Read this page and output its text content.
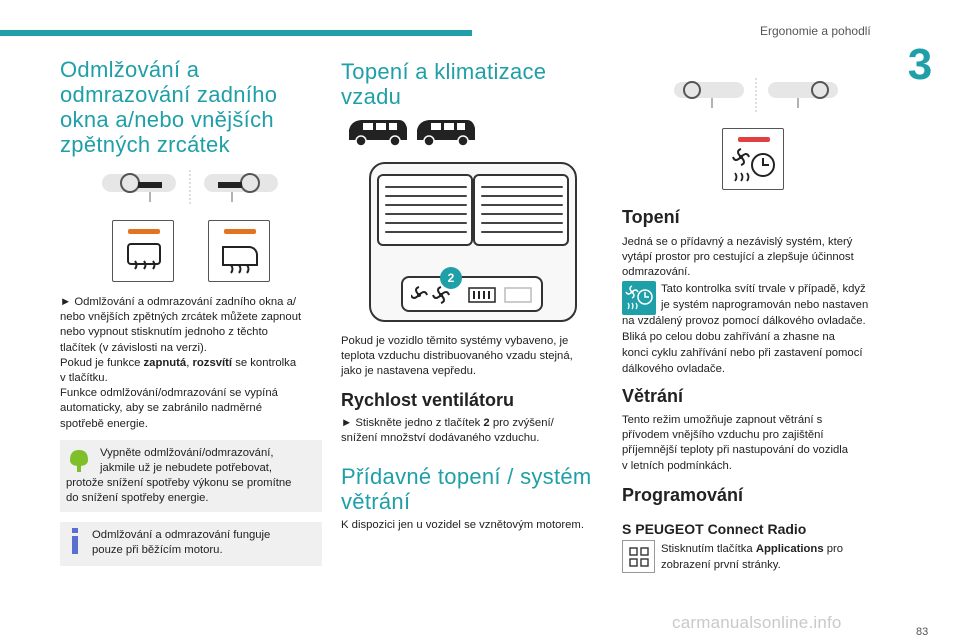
Ergonomie a pohodlí
3
Odmlžování a
odmrazování zadního
okna a/nebo vnějších
zpětných zrcátek
► Odmlžování a odmrazování zadního okna a/
nebo vnějších zpětných zrcátek můžete zapnout
nebo vypnout stisknutím jednoho z těchto
tlačítek (v závislosti na verzi).
Pokud je funkce zapnutá, rozsvítí se kontrolka
v tlačítku.
Funkce odmlžování/odmrazování se vypíná
automaticky, aby se zabránilo nadměrné
spotřebě energie.
Vypněte odmlžování/odmrazování,
jakmile už je nebudete potřebovat,
protože snížení spotřeby výkonu se promítne
do snížení spotřeby energie.
Odmlžování a odmrazování funguje
pouze při běžícím motoru.
Topení a klimatizace
vzadu
2
Pokud je vozidlo těmito systémy vybaveno, je
teplota vzduchu distribuovaného vzadu stejná,
jako je nastavena vepředu.
Rychlost ventilátoru
► Stiskněte jedno z tlačítek 2 pro zvýšení/
snížení množství dodávaného vzduchu.
Přídavné topení / systém
větrání
K dispozici jen u vozidel se vznětovým motorem.
Topení
Jedná se o přídavný a nezávislý systém, který
vytápí prostor pro cestující a zlepšuje účinnost
odmrazování.
Tato kontrolka svítí trvale v případě, když
je systém naprogramován nebo nastaven
na vzdálený provoz pomocí dálkového ovladače.
Bliká po celou dobu zahřívání a zhasne na
konci cyklu zahřívání nebo při zastavení pomocí
dálkového ovladače.
Větrání
Tento režim umožňuje zapnout větrání s
přívodem vnějšího vzduchu pro zajištění
příjemnější teploty při nastupování do vozidla
v letních podmínkách.
Programování
S PEUGEOT Connect Radio
Stisknutím tlačítka Applications pro
zobrazení první stránky.
83
carmanualsonline.info
